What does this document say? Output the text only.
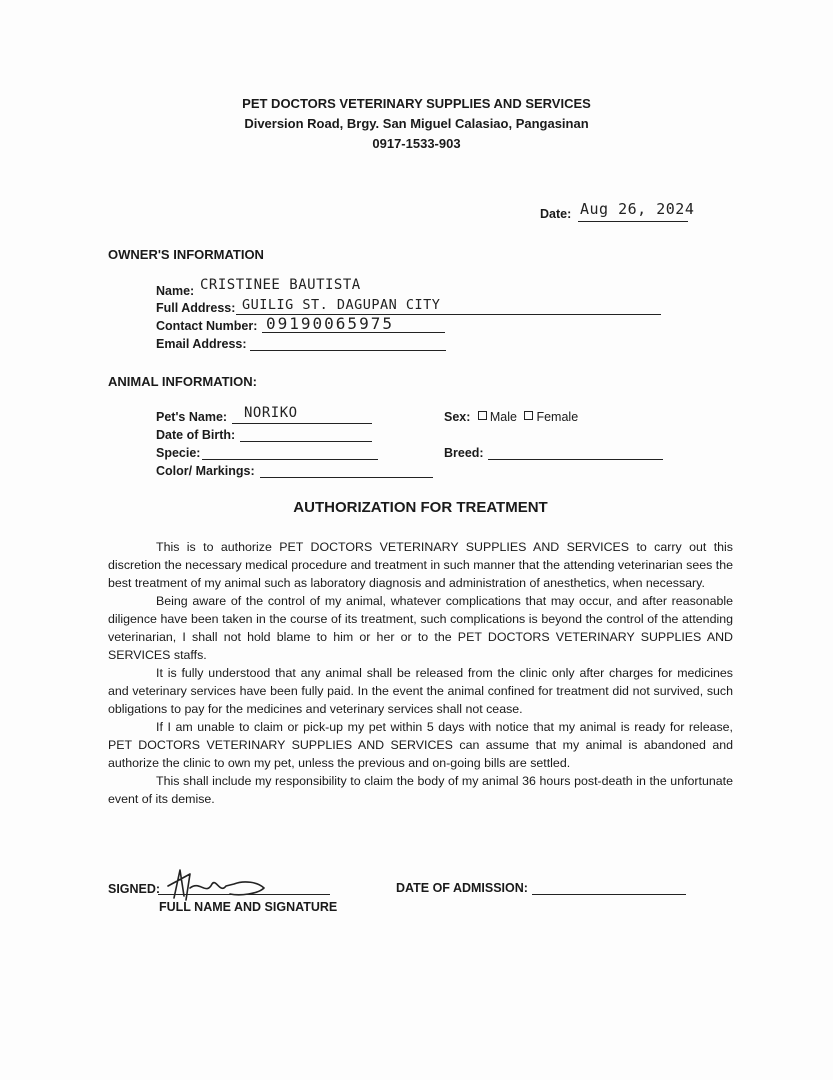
PET DOCTORS VETERINARY SUPPLIES AND SERVICES
Diversion Road, Brgy. San Miguel Calasiao, Pangasinan
0917-1533-903
Date: Aug 26, 2024
OWNER'S INFORMATION
Name: CRISTINEE BAUTISTA
Full Address: GUILIG ST. DAGUPAN CITY
Contact Number: 09190065975
Email Address:
ANIMAL INFORMATION:
Pet's Name: NORIKO
Date of Birth:
Specie:
Color/ Markings:
Sex: Male Female
Breed:
AUTHORIZATION FOR TREATMENT

This is to authorize PET DOCTORS VETERINARY SUPPLIES AND SERVICES to carry out this discretion the necessary medical procedure and treatment in such manner that the attending veterinarian sees the best treatment of my animal such as laboratory diagnosis and administration of anesthetics, when necessary.

Being aware of the control of my animal, whatever complications that may occur, and after reasonable diligence have been taken in the course of its treatment, such complications is beyond the control of the attending veterinarian, I shall not hold blame to him or her or to the PET DOCTORS VETERINARY SUPPLIES AND SERVICES staffs.

It is fully understood that any animal shall be released from the clinic only after charges for medicines and veterinary services have been fully paid. In the event the animal confined for treatment did not survived, such obligations to pay for the medicines and veterinary services shall not cease.

If I am unable to claim or pick-up my pet within 5 days with notice that my animal is ready for release, PET DOCTORS VETERINARY SUPPLIES AND SERVICES can assume that my animal is abandoned and authorize the clinic to own my pet, unless the previous and on-going bills are settled.

This shall include my responsibility to claim the body of my animal 36 hours post-death in the unfortunate event of its demise.

SIGNED:
FULL NAME AND SIGNATURE
DATE OF ADMISSION:
